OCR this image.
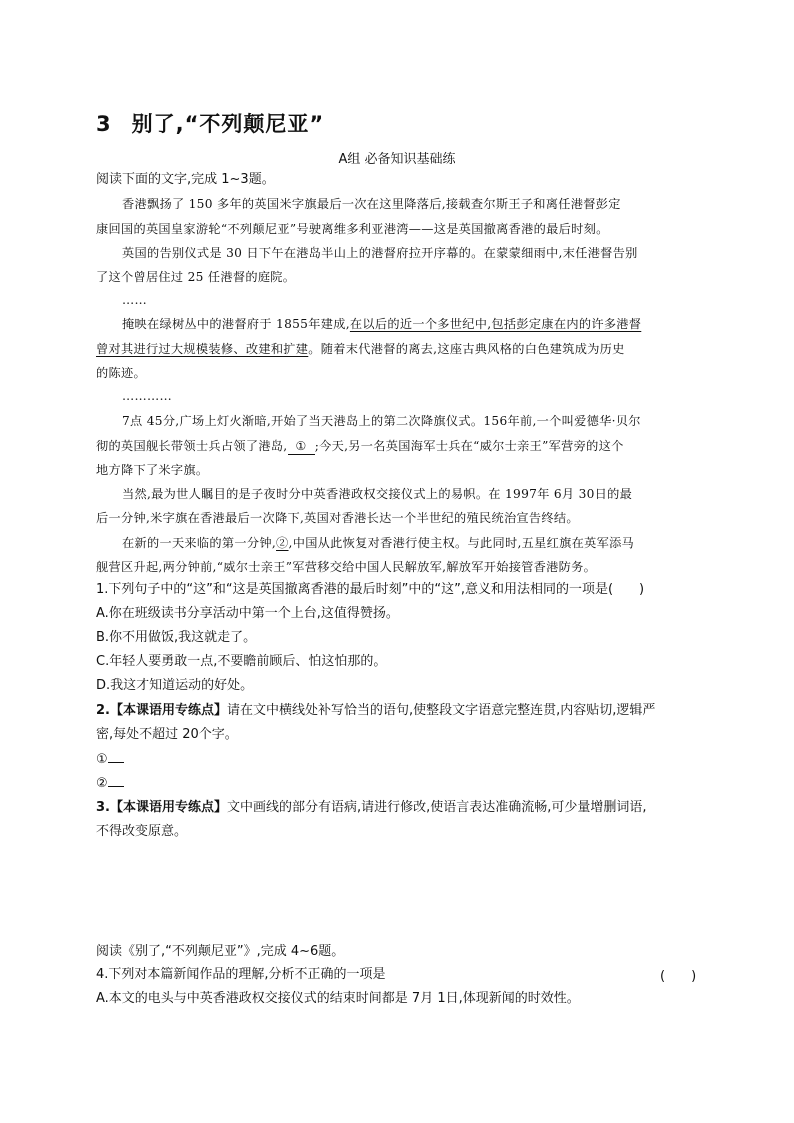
3 别了,“不列颠尼亚”
A组 必备知识基础练
阅读下面的文字,完成 1~3题。
香港飘扬了 150 多年的英国米字旗最后一次在这里降落后,接载查尔斯王子和离任港督彭定
康回国的英国皇家游轮“不列颠尼亚”号驶离维多利亚港湾——这是英国撤离香港的最后时刻。
英国的告别仪式是 30 日下午在港岛半山上的港督府拉开序幕的。在蒙蒙细雨中,末任港督告别
了这个曾居住过 25 任港督的庭院。
……
掩映在绿树丛中的港督府于 1855年建成,在以后的近一个多世纪中,包括彭定康在内的许多港督
曾对其进行过大规模装修、改建和扩建。随着末代港督的离去,这座古典风格的白色建筑成为历史
的陈迹。
…………
7点 45分,广场上灯火渐暗,开始了当天港岛上的第二次降旗仪式。156年前,一个叫爱德华·贝尔
彻的英国舰长带领士兵占领了港岛, ① ;今天,另一名英国海军士兵在“威尔士亲王”军营旁的这个
地方降下了米字旗。
当然,最为世人瞩目的是子夜时分中英香港政权交接仪式上的易帜。在 1997年 6月 30日的最
后一分钟,米字旗在香港最后一次降下,英国对香港长达一个半世纪的殖民统治宣告终结。
在新的一天来临的第一分钟,②,中国从此恢复对香港行使主权。与此同时,五星红旗在英军添马
舰营区升起,两分钟前,“威尔士亲王”军营移交给中国人民解放军,解放军开始接管香港防务。
1.下列句子中的“这”和“这是英国撤离香港的最后时刻”中的“这”,意义和用法相同的一项是(　　)
A.你在班级读书分享活动中第一个上台,这值得赞扬。
B.你不用做饭,我这就走了。
C.年轻人要勇敢一点,不要瞻前顾后、怕这怕那的。
D.我这才知道运动的好处。
2.【本课语用专练点】请在文中横线处补写恰当的语句,使整段文字语意完整连贯,内容贴切,逻辑严
密,每处不超过 20个字。
①
②
3.【本课语用专练点】文中画线的部分有语病,请进行修改,使语言表达准确流畅,可少量增删词语,
不得改变原意。
阅读《别了,“不列颠尼亚”》,完成 4~6题。
4.下列对本篇新闻作品的理解,分析不正确的一项是	(　　)
A.本文的电头与中英香港政权交接仪式的结束时间都是 7月 1日,体现新闻的时效性。
